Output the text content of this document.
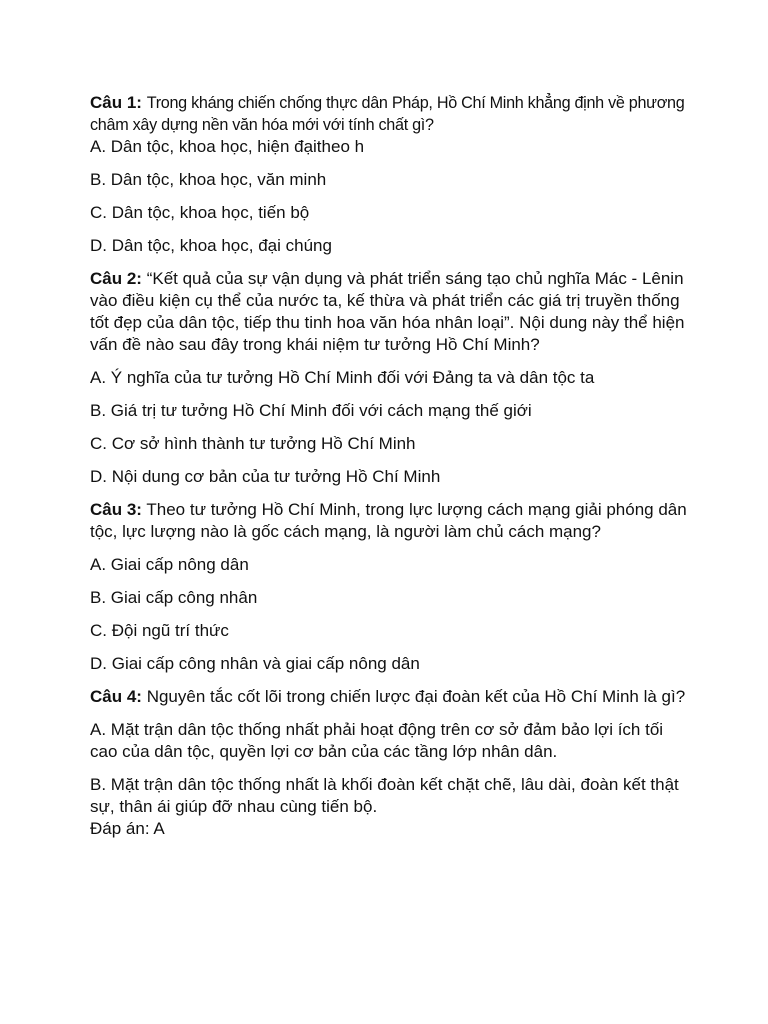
Câu 1: Trong kháng chiến chống thực dân Pháp, Hồ Chí Minh khẳng định về phương châm xây dựng nền văn hóa mới với tính chất gì?

A. Dân tộc, khoa học, hiện đạitheo h

B. Dân tộc, khoa học, văn minh

C. Dân tộc, khoa học, tiến bộ

D. Dân tộc, khoa học, đại chúng

Câu 2: “Kết quả của sự vận dụng và phát triển sáng tạo chủ nghĩa Mác - Lênin vào điều kiện cụ thể của nước ta, kế thừa và phát triển các giá trị truyền thống tốt đẹp của dân tộc, tiếp thu tinh hoa văn hóa nhân loại”. Nội dung này thể hiện vấn đề nào sau đây trong khái niệm tư tưởng Hồ Chí Minh?

A. Ý nghĩa của tư tưởng Hồ Chí Minh đối với Đảng ta và dân tộc ta

B. Giá trị tư tưởng Hồ Chí Minh đối với cách mạng thế giới

C. Cơ sở hình thành tư tưởng Hồ Chí Minh

D. Nội dung cơ bản của tư tưởng Hồ Chí Minh

Câu 3: Theo tư tưởng Hồ Chí Minh, trong lực lượng cách mạng giải phóng dân tộc, lực lượng nào là gốc cách mạng, là người làm chủ cách mạng?

A. Giai cấp nông dân

B. Giai cấp công nhân

C. Đội ngũ trí thức

D. Giai cấp công nhân và giai cấp nông dân

Câu 4: Nguyên tắc cốt lõi trong chiến lược đại đoàn kết của Hồ Chí Minh là gì?

A. Mặt trận dân tộc thống nhất phải hoạt động trên cơ sở đảm bảo lợi ích tối cao của dân tộc, quyền lợi cơ bản của các tầng lớp nhân dân.

B. Mặt trận dân tộc thống nhất là khối đoàn kết chặt chẽ, lâu dài, đoàn kết thật sự, thân ái giúp đỡ nhau cùng tiến bộ.

Đáp án: A
